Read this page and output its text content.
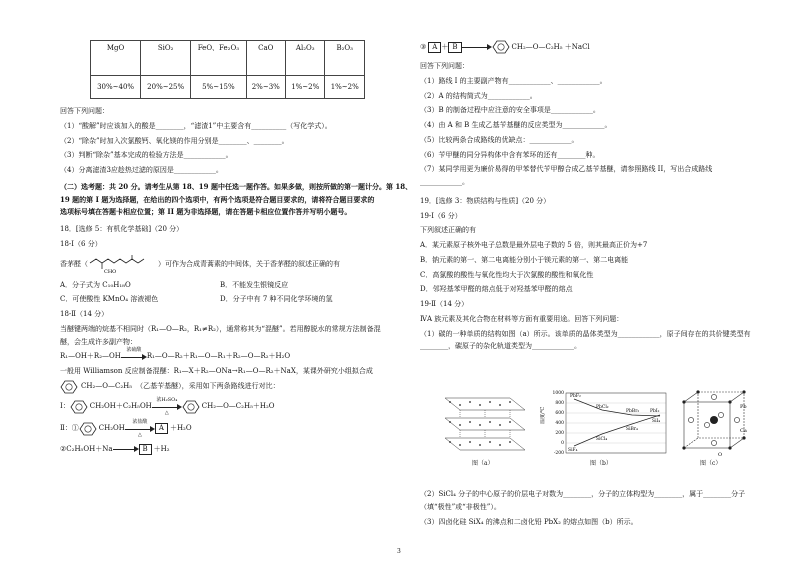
MgO	SiO₂	FeO、Fe₂O₃	CaO	Al₂O₃	B₂O₃
30%~40%	20%~25%	5%~15%	2%~3%	1%~2%	1%~2%

回答下列问题：

（1）“酸解”时应该加入的酸是________，“滤渣1”中主要含有__________（写化学式）。

（2）“除杂”时加入次氯酸钙、氧化镁的作用分别是________、________。

（3）判断“除杂”基本完成的检验方法是____________。

（4）分离滤渣3应趁热过滤的原因是____________。

（二）选考题：共 20 分。请考生从第 18、19 题中任选一题作答。如果多做，则按所做的第一题计分。第 18、

19 题的第 I 题为选择题，在给出的四个选项中，有两个选项是符合题目要求的，请将符合题目要求的

选项标号填在答题卡相应位置；第 II 题为非选择题，请在答题卡相应位置作答并写明小题号。

18．[选修 5：有机化学基础]（20 分）

18-Ⅰ（6 分）

香茅醛（
CHO
）可作为合成青蒿素的中间体，关于香茅醛的叙述正确的有
A．分子式为 C₁₀H₁₈O	B．不能发生银镜反应
C．可使酸性 KMnO₄ 溶液褪色	D．分子中有 7 种不同化学环境的氢

18-Ⅱ（14 分）

当醚键两端的烷基不相同时（R₁—O—R₂，R₁≠R₂），通常称其为“混醚”。若用醇脱水的常规方法制备混

醚，会生成许多副产物：

R₁—OH＋R₂—OH
浓硫酸
R₁—O—R₂＋R₁—O—R₁＋R₂—O—R₂＋H₂O

一般用 Williamson 反应制备混醚：R₁—X＋R₂—ONa→R₁—O—R₂＋NaX，某课外研究小组拟合成

CH₂—O—C₂H₅ （乙基苄基醚），采用如下两条路线进行对比：
Ⅰ：	CH₂OH＋C₂H₅OH
浓H₂SO₄
△
CH₂—O—C₂H₅＋H₂O
Ⅱ：①	CH₂OH
浓盐酸
△
A ＋H₂O
②C₂H₅OH＋Na	B ＋H₂
③ A ＋ B	CH₂—O—C₂H₅ ＋NaCl

回答下列问题：

（1）路线 I 的主要副产物有____________、____________。

（2）A 的结构简式为____________。

（3）B 的制备过程中应注意的安全事项是____________。

（4）由 A 和 B 生成乙基苄基醚的反应类型为____________。

（5）比较两条合成路线的优缺点：____________。

（6）苄甲醚的同分异构体中含有苯环的还有________种。

（7）某同学用更为廉价易得的甲苯替代苄甲醇合成乙基苄基醚，请参照路线 II，写出合成路线

____________。

19．[选修 3：物质结构与性质]（20 分）

19-Ⅰ（6 分）

下列叙述正确的有

A．某元素原子核外电子总数是最外层电子数的 5 倍，则其最高正价为+7

B．钠元素的第一、第二电离能分别小于镁元素的第一、第二电离能

C．高氯酸的酸性与氧化性均大于次氯酸的酸性和氧化性

D．邻羟基苯甲醛的熔点低于对羟基苯甲醛的熔点

19-Ⅱ（14 分）

ⅣA 族元素及其化合物在材料等方面有重要用途。回答下列问题：

（1）碳的一种单质的结构如图（a）所示。该单质的晶体类型为____________，原子间存在的共价键类型有

________，碳原子的杂化轨道类型为____________。

图（a）
温度/℃
1000
800
600
400
200
0
-200
PbF₂
PbCl₂
PbBr₂ PbI₂
SiF₄
SiCl₄
SiBr₄
SiI₄
图（b）
Pb
Ca
O
图（c）

（2）SiCl₄ 分子的中心原子的价层电子对数为________，分子的立体构型为________，属于________分子

（填“极性”或“非极性”）。

（3）四卤化硅 SiX₄ 的沸点和二卤化铅 PbX₂ 的熔点如图（b）所示。

3
